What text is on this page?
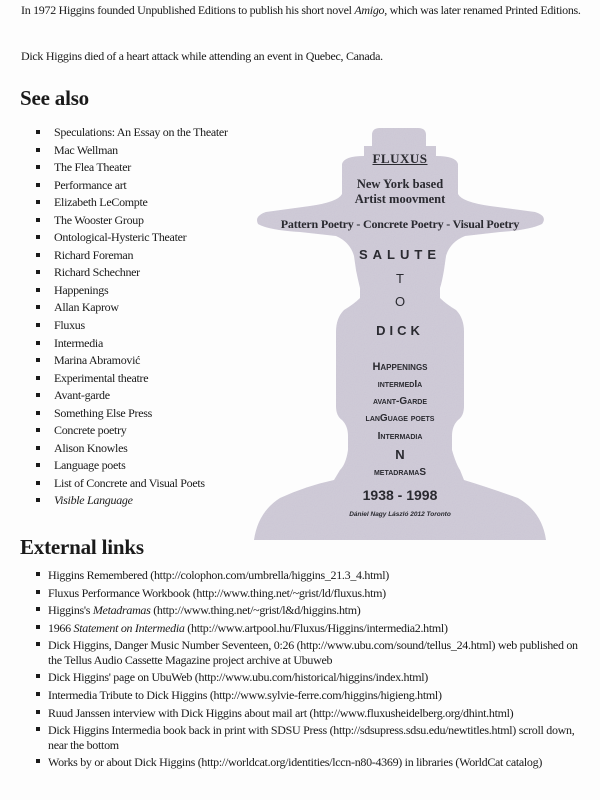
In 1972 Higgins founded Unpublished Editions to publish his short novel Amigo, which was later renamed Printed Editions.

Dick Higgins died of a heart attack while attending an event in Quebec, Canada.

See also
Speculations: An Essay on the Theater
Mac Wellman
The Flea Theater
Performance art
Elizabeth LeCompte
The Wooster Group
Ontological-Hysteric Theater
Richard Foreman
Richard Schechner
Happenings
Allan Kaprow
Fluxus
Intermedia
Marina Abramović
Experimental theatre
Avant-garde
Something Else Press
Concrete poetry
Alison Knowles
Language poets
List of Concrete and Visual Poets
Visible Language
FLUXUS
New York based
Artist moovment
Pattern Poetry - Concrete Poetry - Visual Poetry
SALUTE
T
O
DICK
Happenings
intermedIa
avant-Garde
lanGuage poets
Intermadia
N
metadramaS
1938 - 1998
Dániel Nagy László 2012 Toronto
External links
Higgins Remembered (http://colophon.com/umbrella/higgins_21.3_4.html)
Fluxus Performance Workbook (http://www.thing.net/~grist/ld/fluxus.htm)
Higgins's Metadramas (http://www.thing.net/~grist/l&d/higgins.htm)
1966 Statement on Intermedia (http://www.artpool.hu/Fluxus/Higgins/intermedia2.html)
Dick Higgins, Danger Music Number Seventeen, 0:26 (http://www.ubu.com/sound/tellus_24.html) web published on the Tellus Audio Cassette Magazine project archive at Ubuweb
Dick Higgins' page on UbuWeb (http://www.ubu.com/historical/higgins/index.html)
Intermedia Tribute to Dick Higgins (http://www.sylvie-ferre.com/higgins/higieng.html)
Ruud Janssen interview with Dick Higgins about mail art (http://www.fluxusheidelberg.org/dhint.html)
Dick Higgins Intermedia book back in print with SDSU Press (http://sdsupress.sdsu.edu/newtitles.html) scroll down, near the bottom
Works by or about Dick Higgins (http://worldcat.org/identities/lccn-n80-4369) in libraries (WorldCat catalog)
